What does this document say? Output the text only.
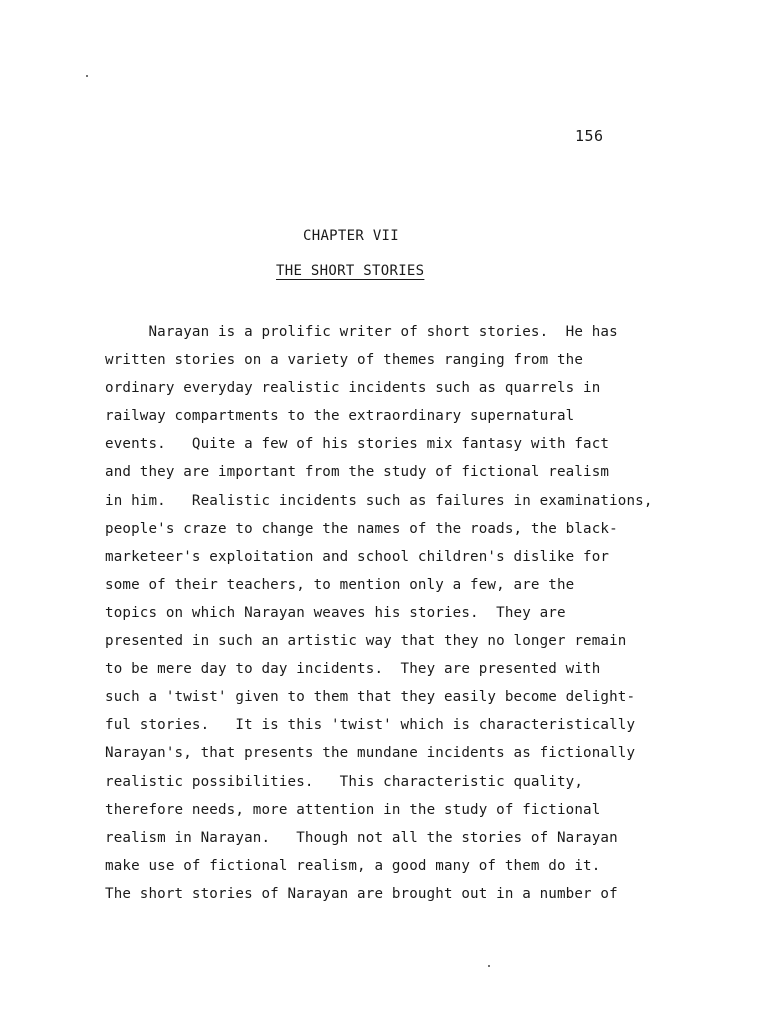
156
CHAPTER VII
THE SHORT STORIES
Narayan is a prolific writer of short stories.  He has
written stories on a variety of themes ranging from the
ordinary everyday realistic incidents such as quarrels in
railway compartments to the extraordinary supernatural
events.   Quite a few of his stories mix fantasy with fact
and they are important from the study of fictional realism
in him.   Realistic incidents such as failures in examinations,
people's craze to change the names of the roads, the black-
marketeer's exploitation and school children's dislike for
some of their teachers, to mention only a few, are the
topics on which Narayan weaves his stories.  They are
presented in such an artistic way that they no longer remain
to be mere day to day incidents.  They are presented with
such a 'twist' given to them that they easily become delight-
ful stories.   It is this 'twist' which is characteristically
Narayan's, that presents the mundane incidents as fictionally
realistic possibilities.   This characteristic quality,
therefore needs, more attention in the study of fictional
realism in Narayan.   Though not all the stories of Narayan
make use of fictional realism, a good many of them do it.
The short stories of Narayan are brought out in a number of
